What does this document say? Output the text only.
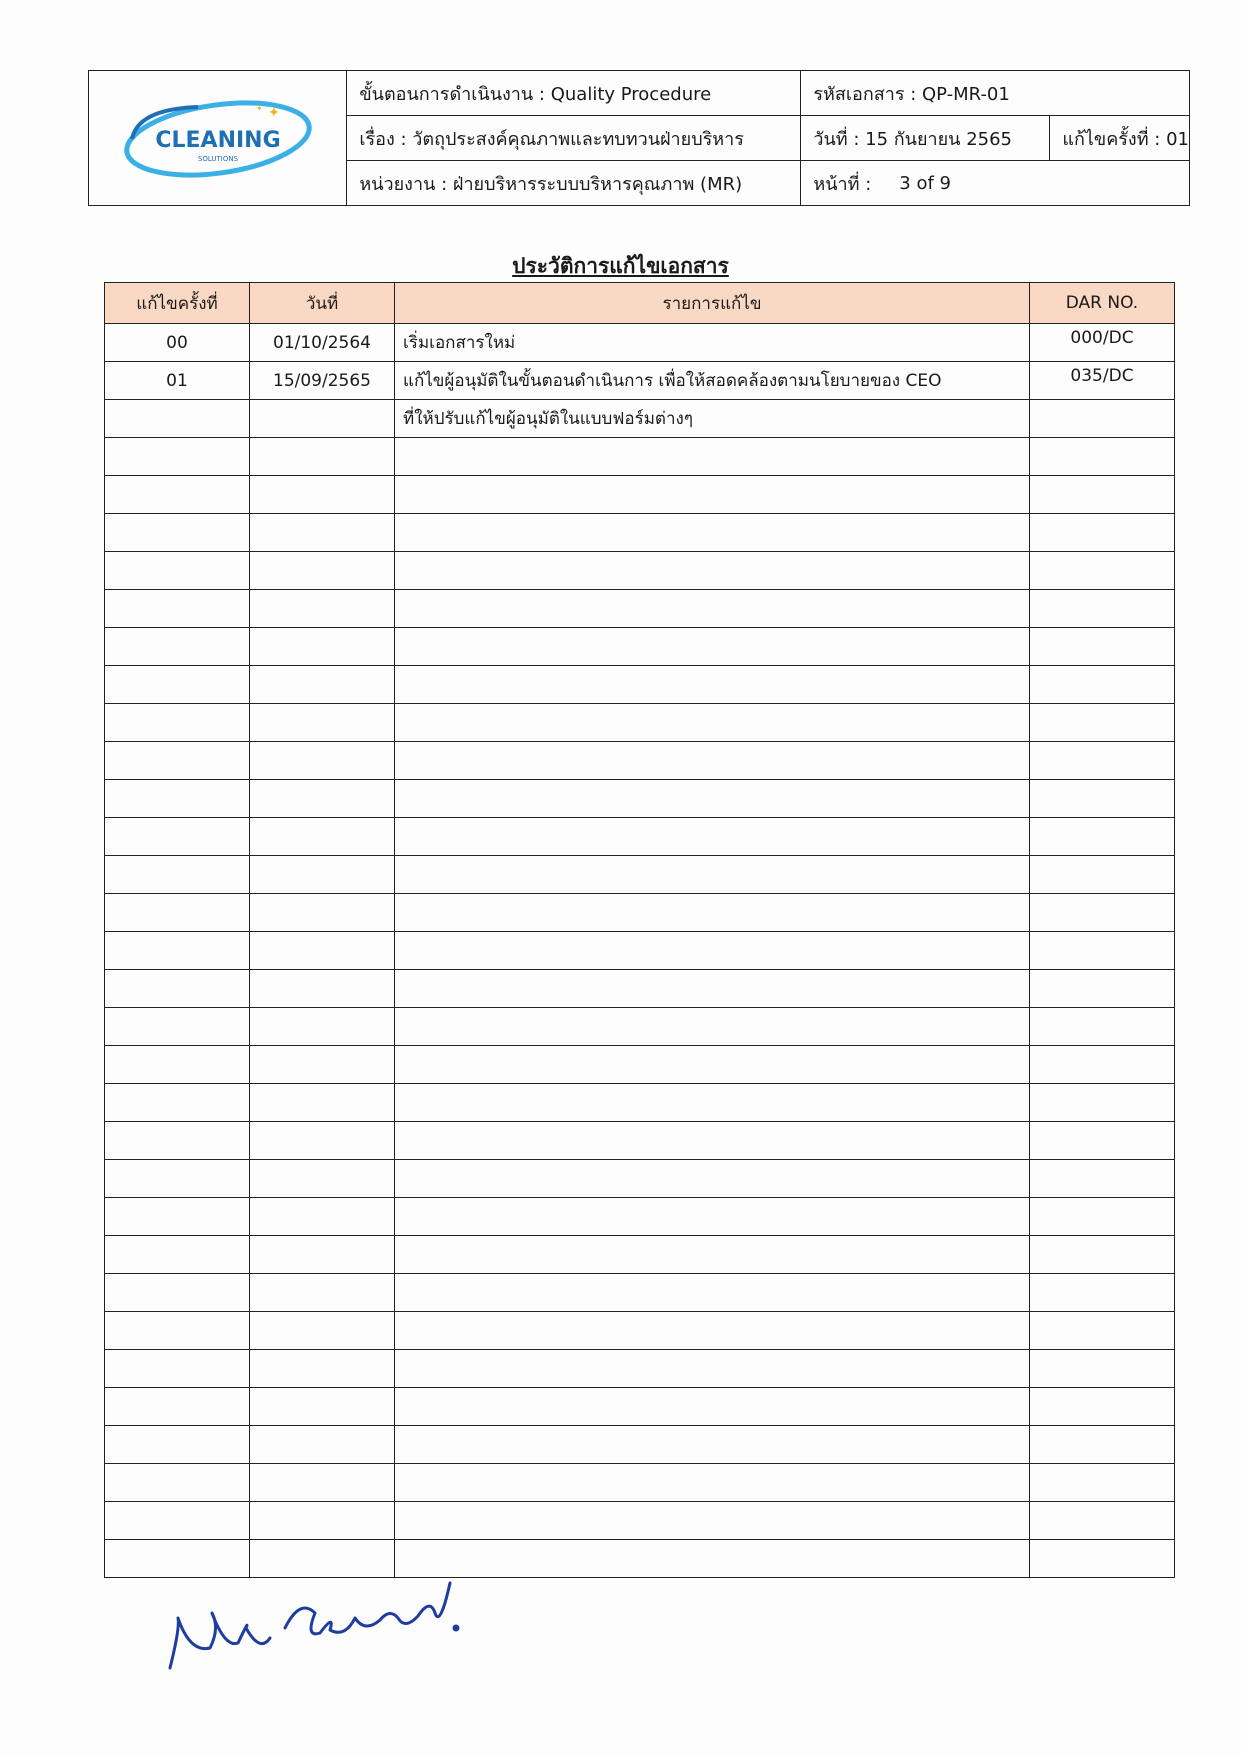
CLEANING
SOLUTIONS
✦
✦
ขั้นตอนการดำเนินงาน : Quality Procedure	รหัสเอกสาร : QP-MR-01
เรื่อง : วัตถุประสงค์คุณภาพและทบทวนฝ่ายบริหาร	วันที่ : 15 กันยายน 2565	แก้ไขครั้งที่ : 01
หน่วยงาน : ฝ่ายบริหารระบบบริหารคุณภาพ (MR)	หน้าที่ : 3 of 9
ประวัติการแก้ไขเอกสาร
แก้ไขครั้งที่	วันที่	รายการแก้ไข	DAR NO.
00	01/10/2564	เริ่มเอกสารใหม่	000/DC
01	15/09/2565	แก้ไขผู้อนุมัติในขั้นตอนดำเนินการ เพื่อให้สอดคล้องตามนโยบายของ CEO	035/DC
		ที่ให้ปรับแก้ไขผู้อนุมัติในแบบฟอร์มต่างๆ	
